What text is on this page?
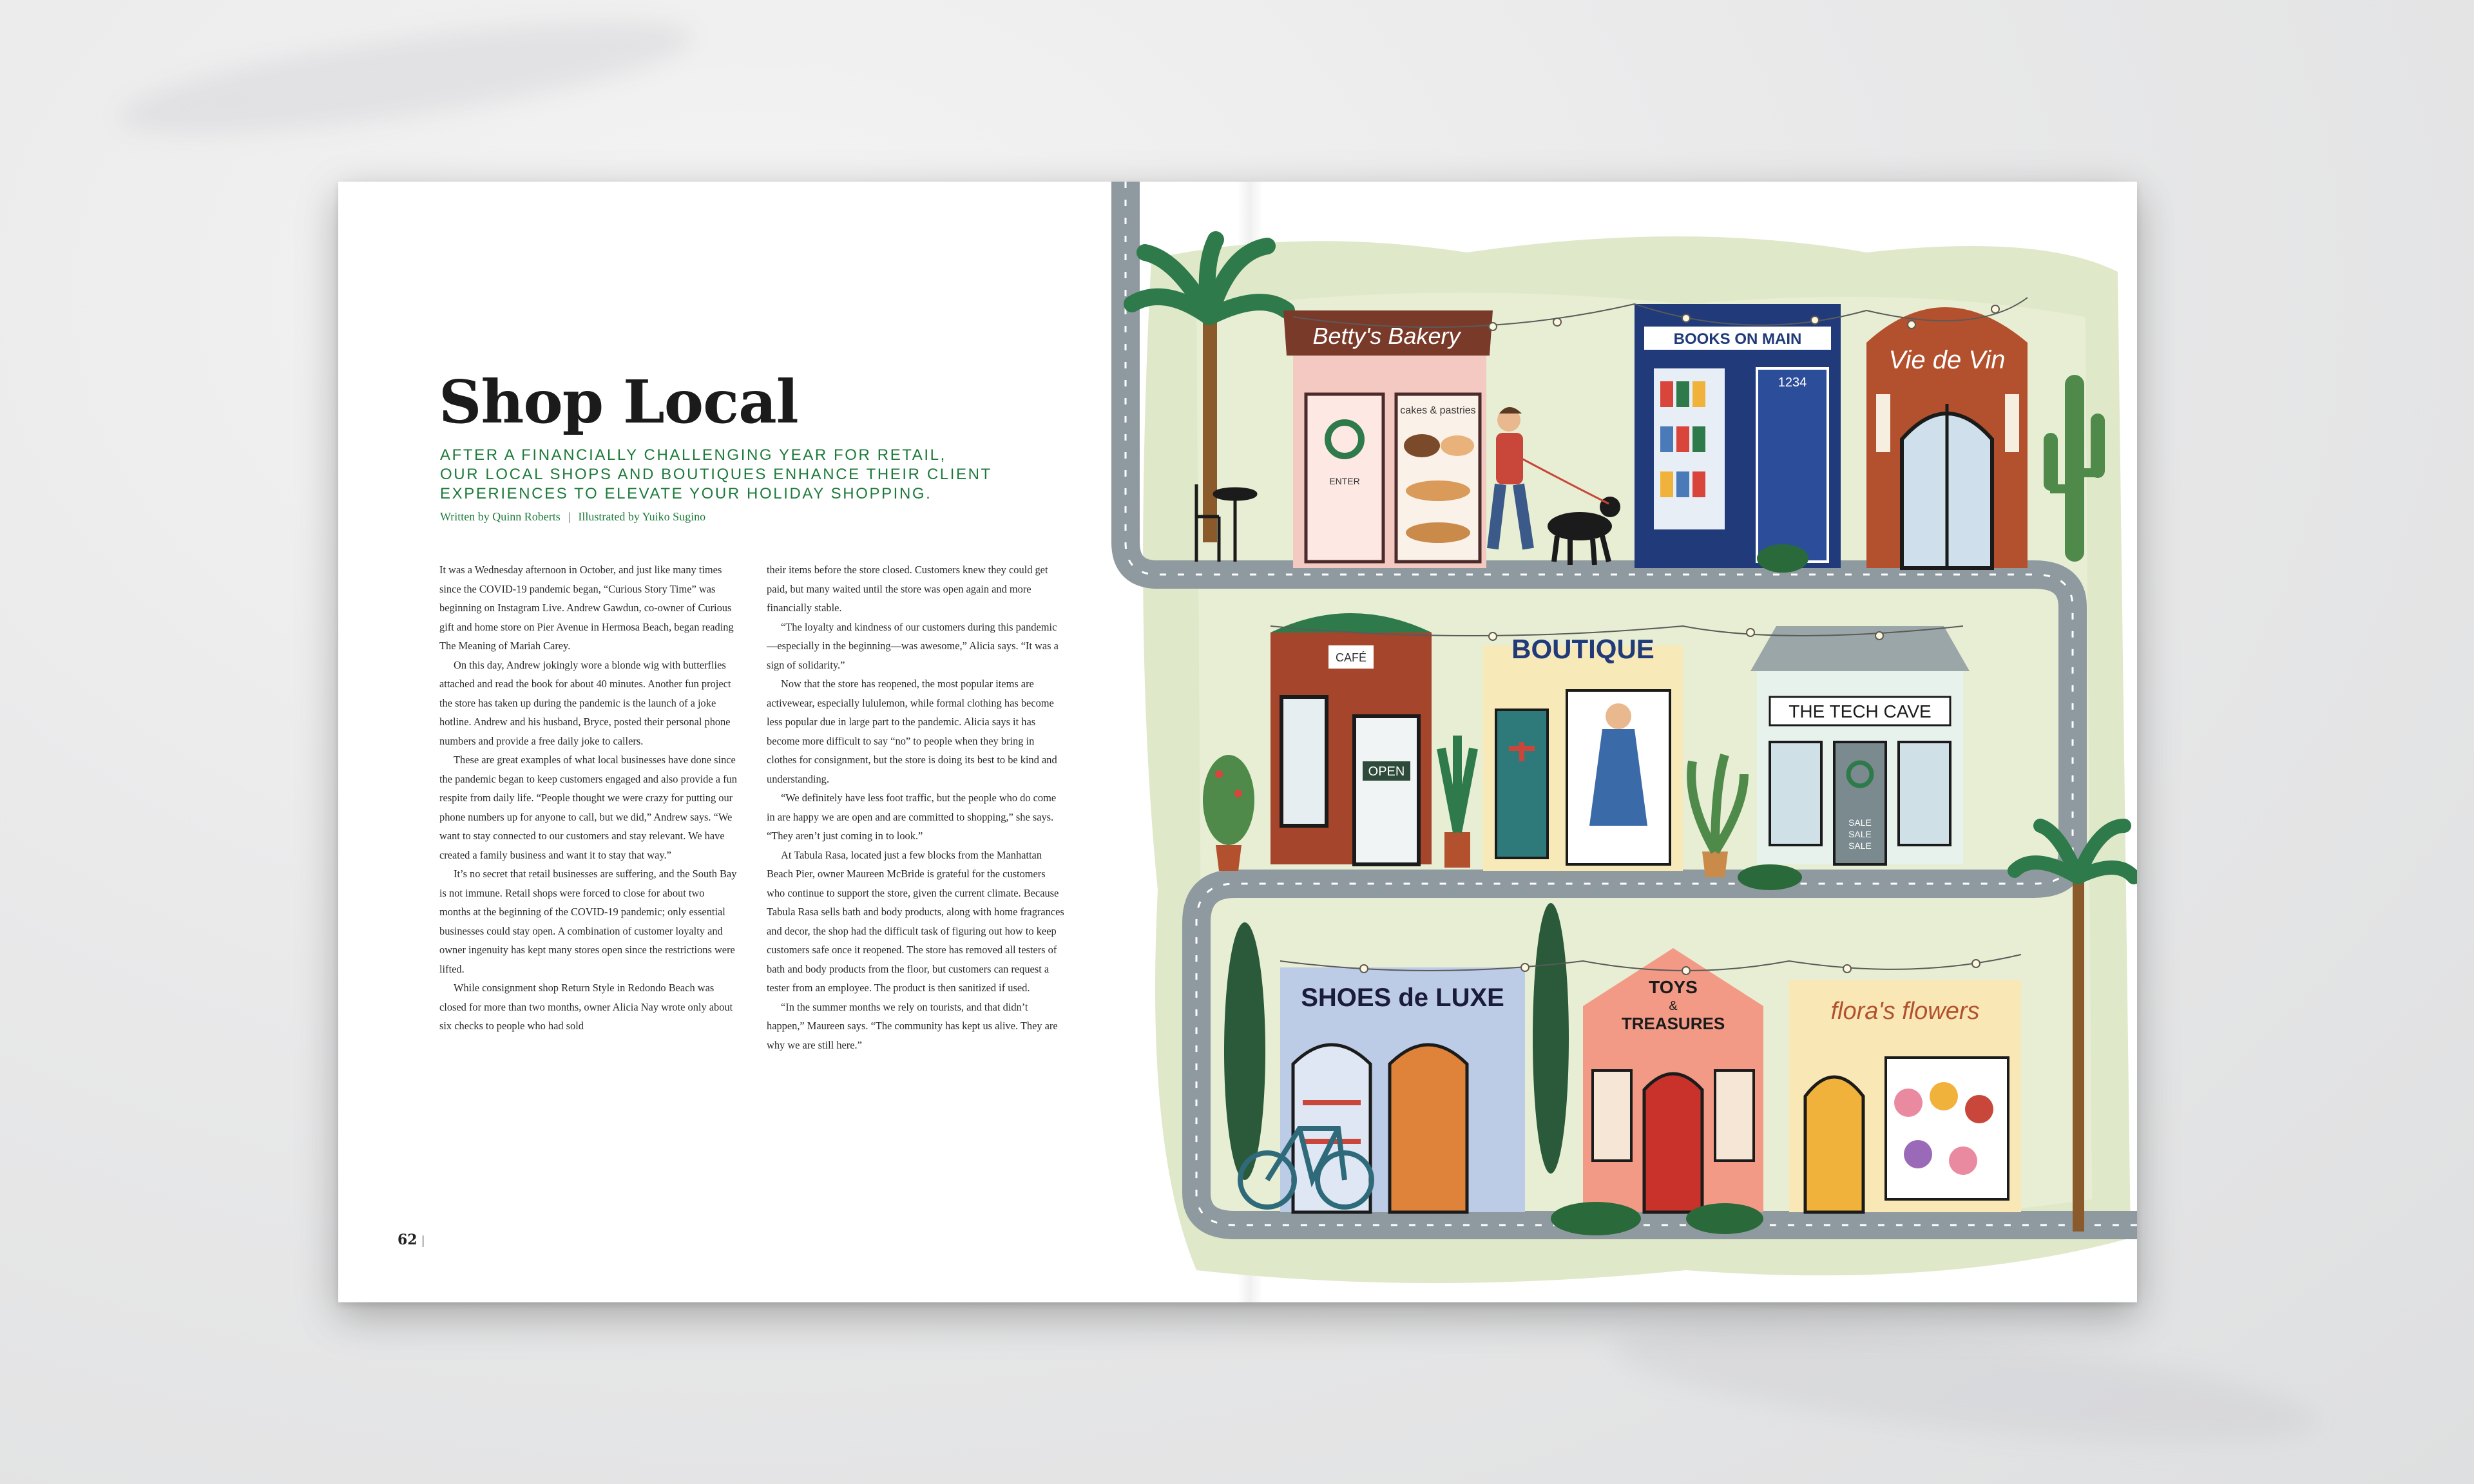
Shop Local
AFTER A FINANCIALLY CHALLENGING YEAR FOR RETAIL,
OUR LOCAL SHOPS AND BOUTIQUES ENHANCE THEIR CLIENT
EXPERIENCES TO ELEVATE YOUR HOLIDAY SHOPPING.
Written by Quinn Roberts | Illustrated by Yuiko Sugino

It was a Wednesday afternoon in October, and just like many times since the COVID-19 pandemic began, “Curious Story Time” was beginning on Instagram Live. Andrew Gawdun, co-owner of Curious gift and home store on Pier Avenue in Hermosa Beach, began reading The Meaning of Mariah Carey.

On this day, Andrew jokingly wore a blonde wig with butterflies attached and read the book for about 40 minutes. Another fun project the store has taken up during the pandemic is the launch of a joke hotline. Andrew and his husband, Bryce, posted their personal phone numbers and provide a free daily joke to callers.

These are great examples of what local businesses have done since the pandemic began to keep customers engaged and also provide a fun respite from daily life. “People thought we were crazy for putting our phone numbers up for anyone to call, but we did,” Andrew says. “We want to stay connected to our customers and stay relevant. We have created a family business and want it to stay that way.”

It’s no secret that retail businesses are suffering, and the South Bay is not immune. Retail shops were forced to close for about two months at the beginning of the COVID-19 pandemic; only essential businesses could stay open. A combination of customer loyalty and owner ingenuity has kept many stores open since the restrictions were lifted.

While consignment shop Return Style in Redondo Beach was closed for more than two months, owner Alicia Nay wrote only about six checks to people who had sold

their items before the store closed. Customers knew they could get paid, but many waited until the store was open again and more financially stable.

“The loyalty and kindness of our customers during this pandemic—especially in the beginning—was awesome,” Alicia says. “It was a sign of solidarity.”

Now that the store has reopened, the most popular items are activewear, especially lululemon, while formal clothing has become less popular due in large part to the pandemic. Alicia says it has become more difficult to say “no” to people when they bring in clothes for consignment, but the store is doing its best to be kind and understanding.

“We definitely have less foot traffic, but the people who do come in are happy we are open and are committed to shopping,” she says. “They aren’t just coming in to look.”

At Tabula Rasa, located just a few blocks from the Manhattan Beach Pier, owner Maureen McBride is grateful for the customers who continue to support the store, given the current climate. Because Tabula Rasa sells bath and body products, along with home fragrances and decor, the shop had the difficult task of figuring out how to keep customers safe once it reopened. The store has removed all testers of bath and body products from the floor, but customers can request a tester from an employee. The product is then sanitized if used.

“In the summer months we rely on tourists, and that didn’t happen,” Maureen says. “The community has kept us alive. They are why we are still here.”

62 |
Betty's Bakery
ENTER
cakes & pastries
BOOKS ON MAIN
1234
Vie de Vin
CAFÉ
OPEN
BOUTIQUE
THE TECH CAVE
SALE
SALE
SALE
SHOES de LUXE	TOYS
&
TREASURES	flora's flowers
